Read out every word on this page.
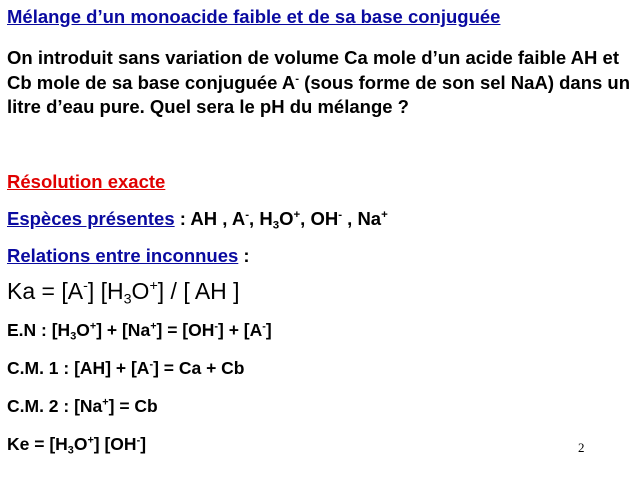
Mélange d’un monoacide faible et de sa base conjuguée
On introduit sans variation de volume Ca mole d’un acide faible AH et Cb mole de sa base conjuguée A- (sous forme de son sel NaA) dans un litre d’eau pure. Quel sera le pH du mélange ?
Résolution exacte
Espèces présentes : AH , A-, $H_3O^+$, OH- , Na+
Relations entre inconnues :
Ka = [A-] $[H_3O^+]$ / [ AH ]
E.N : $[H_3O^+] + [Na^+] = [OH^-] + [A^-]$
C.M. 1 : [AH] + [A-] = Ca + Cb
C.M. 2 : [Na+] = Cb
$Ke = [H_3O^+]$ [OH-]	2
